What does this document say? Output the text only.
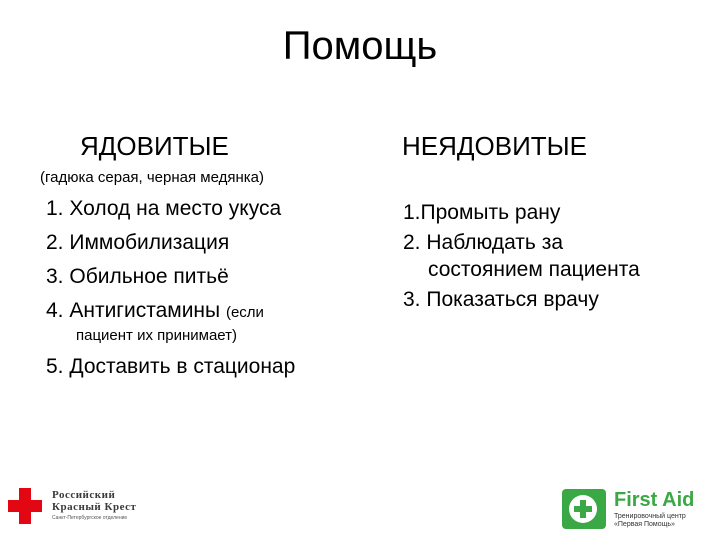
Помощь
ЯДОВИТЫЕ	НЕЯДОВИТЫЕ
(гадюка серая, черная медянка)
1. Холод на место укуса
2. Иммобилизация
3. Обильное питьё
4. Антигистамины (если
пациент их принимает)
5. Доставить в стационар
1.Промыть рану
2. Наблюдать за
состоянием пациента
3. Показаться врачу
Российский
Красный Крест
Санкт-Петербургское отделение
First Aid
Тренировочный центр
«Первая Помощь»
